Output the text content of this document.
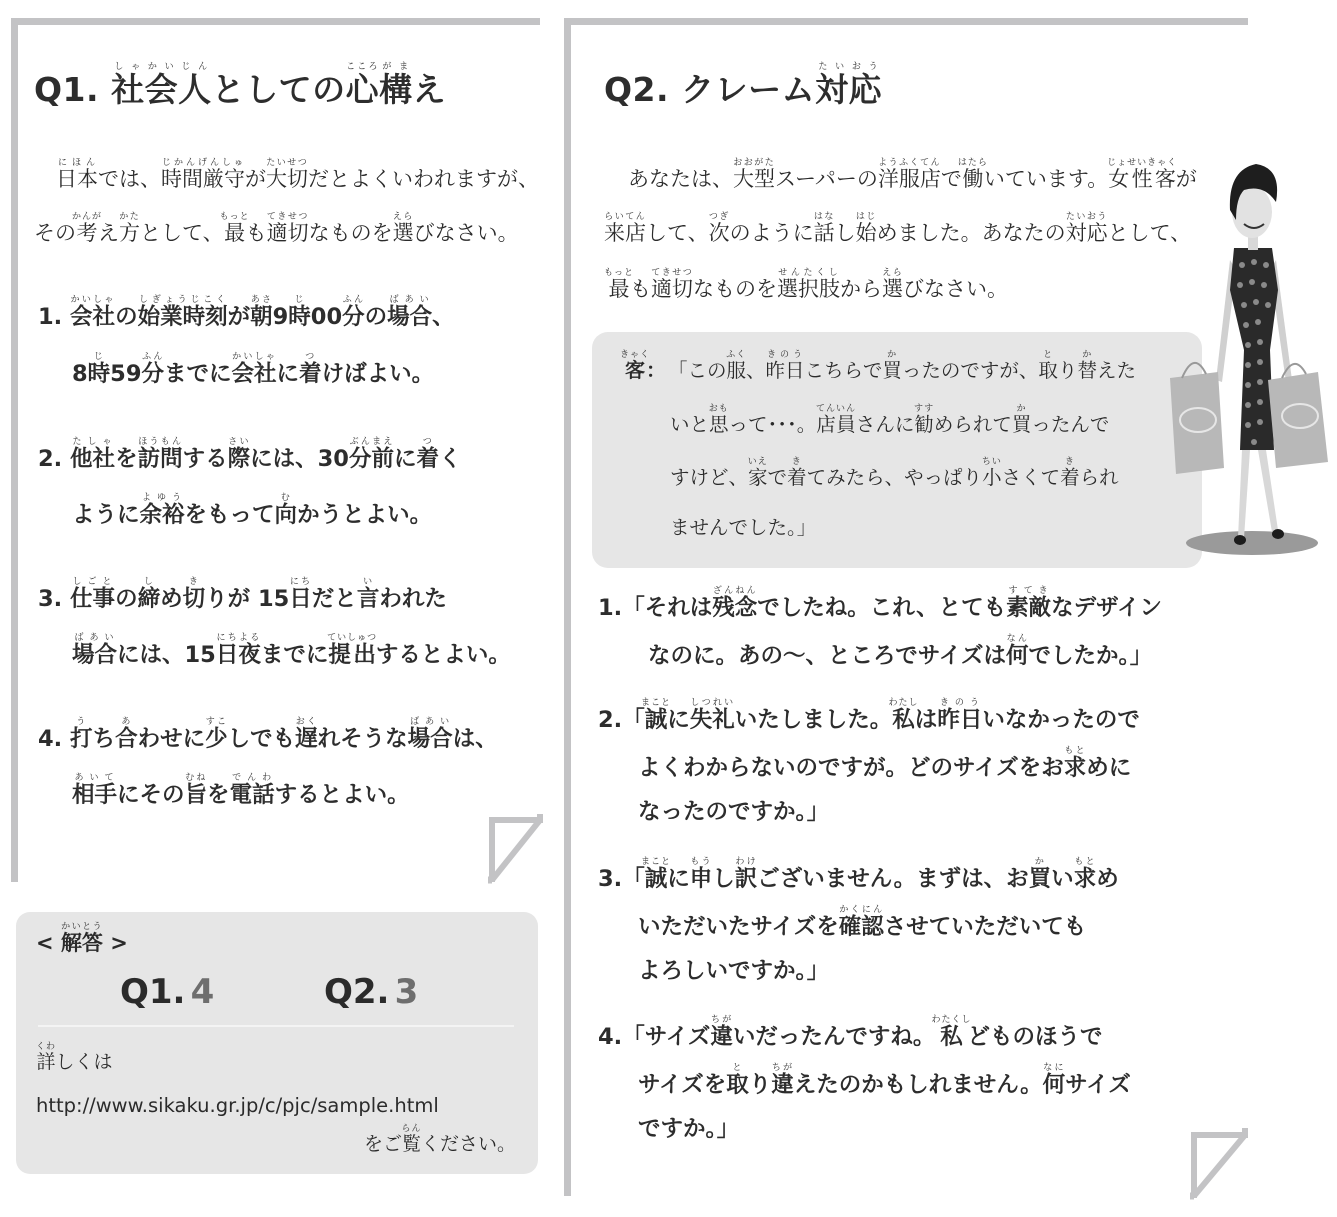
Q1. 社しゃ会かい人じんとしての心こころ構がまえ
日本にほんでは、時間厳守じかんげんしゅが大切たいせつだとよくいわれますが、
その考かんがえ方かたとして、最もっとも適切てきせつなものを選えらびなさい。
1. 会社かいしゃの始業時刻しぎょうじこくが朝あさ9時じ00分ふんの場合ばあい、
8時じ59分ふんまでに会社かいしゃに着つけばよい。
2. 他社たしゃを訪問ほうもんする際さいには、30分前ぶんまえに着つく
ように余裕よゆうをもって向むかうとよい。
3. 仕事しごとの締しめ切きりが 15日にちだと言いわれた
場合ばあいには、15日夜にちよるまでに提出ていしゅつするとよい。
4. 打うち合あわせに少すこしでも遅おくれそうな場合ばあいは、
相手あいてにその旨むねを電話でんわするとよい。
< 解答かいとう >
Q1. 4	Q2. 3
詳くわしくは
http://www.sikaku.gr.jp/c/pjc/sample.html
をご覧らんください。
Q2. クレーム対たい応おう
あなたは、大型おおがたスーパーの洋服店ようふくてんで働はたらいています。女性客じょせいきゃくが
来店らいてんして、次つぎのように話はなし始はじめました。あなたの対応たいおうとして、
最もっとも適切てきせつなものを選択肢せんたくしから選えらびなさい。
客きゃく： 「この服ふく、昨日きのうこちらで買かったのですが、取とり替かえた
いと思おもって･･･。店員てんいんさんに勧すすめられて買かったんで
すけど、家いえで着きてみたら、やっぱり小ちいさくて着きられ
ませんでした。」
1.「それは残念ざんねんでしたね。これ、とても素敵すてきなデザイン
なのに。あの～、ところでサイズは何なんでしたか。」
2.「誠まことに失礼しつれいいたしました。私わたしは昨日きのういなかったので
よくわからないのですが。どのサイズをお求もとめに
なったのですか。」
3.「誠まことに申もうし訳わけございません。まずは、お買かい求もとめ
いただいたサイズを確認かくにんさせていただいても
よろしいですか。」
4.「サイズ違ちがいだったんですね。私わたくしどものほうで
サイズを取とり違ちがえたのかもしれません。何なにサイズ
ですか。」
